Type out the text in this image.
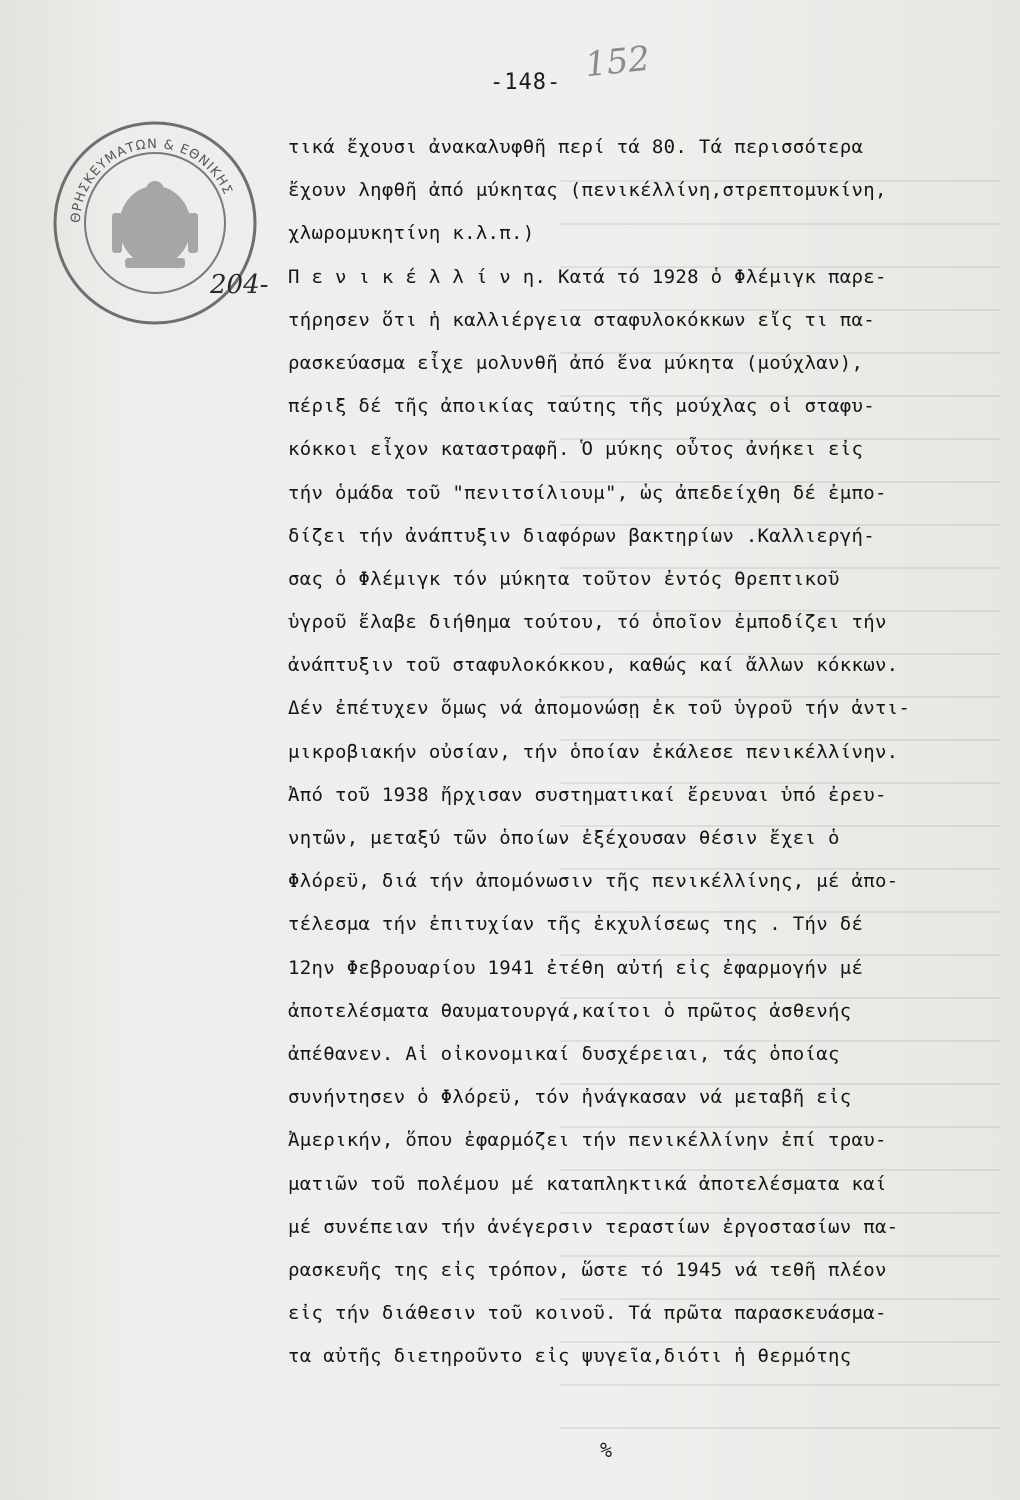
-148- 152
ΘΡΗΣΚΕΥΜΑΤΩΝ & ΕΘΝΙΚΗΣ
204-
τικά ἔχουσι ἀνακαλυφθῆ περί τά 80. Τά περισσότερα
ἔχουν ληφθῆ ἀπό μύκητας (πενικέλλίνη,στρεπτομυκίνη,
χλωρομυκητίνη κ.λ.π.)
Π ε ν ι κ έ λ λ ί ν η. Κατά τό 1928 ὁ Φλέμιγκ παρε-
τήρησεν ὅτι ἡ καλλιέργεια σταφυλοκόκκων εἴς τι πα-
ρασκεύασμα εἶχε μολυνθῆ ἀπό ἕνα μύκητα (μούχλαν),
πέριξ δέ τῆς ἀποικίας ταύτης τῆς μούχλας οἱ σταφυ-
κόκκοι εἶχον καταστραφῆ. Ὁ μύκης οὗτος ἀνήκει εἰς
τήν ὁμάδα τοῦ "πενιτσίλιουμ", ὡς ἀπεδείχθη δέ ἐμπο-
δίζει τήν ἀνάπτυξιν διαφόρων βακτηρίων .Καλλιεργή-
σας ὁ Φλέμιγκ τόν μύκητα τοῦτον ἐντός θρεπτικοῦ
ὑγροῦ ἔλαβε διήθημα τούτου, τό ὁποῖον ἐμποδίζει τήν
ἀνάπτυξιν τοῦ σταφυλοκόκκου, καθώς καί ἄλλων κόκκων.
Δέν ἐπέτυχεν ὅμως νά ἀπομονώσῃ ἐκ τοῦ ὑγροῦ τήν ἀντι-
μικροβιακήν οὐσίαν, τήν ὁποίαν ἐκάλεσε πενικέλλίνην.
Ἀπό τοῦ 1938 ἤρχισαν συστηματικαί ἔρευναι ὑπό ἐρευ-
νητῶν, μεταξύ τῶν ὁποίων ἐξέχουσαν θέσιν ἔχει ὁ
Φλόρεϋ, διά τήν ἀπομόνωσιν τῆς πενικέλλίνης, μέ ἀπο-
τέλεσμα τήν ἐπιτυχίαν τῆς ἐκχυλίσεως της . Τήν δέ
12ην Φεβρουαρίου 1941 ἐτέθη αὐτή εἰς ἐφαρμογήν μέ
ἀποτελέσματα θαυματουργά,καίτοι ὁ πρῶτος ἀσθενής
ἀπέθανεν. Αἱ οἰκονομικαί δυσχέρειαι, τάς ὁποίας
συνήντησεν ὁ Φλόρεϋ, τόν ἠνάγκασαν νά μεταβῆ εἰς
Ἀμερικήν, ὅπου ἐφαρμόζει τήν πενικέλλίνην ἐπί τραυ-
ματιῶν τοῦ πολέμου μέ καταπληκτικά ἀποτελέσματα καί
μέ συνέπειαν τήν ἀνέγερσιν τεραστίων ἐργοστασίων πα-
ρασκευῆς της εἰς τρόπον, ὥστε τό 1945 νά τεθῆ πλέον
εἰς τήν διάθεσιν τοῦ κοινοῦ. Τά πρῶτα παρασκευάσμα-
τα αὐτῆς διετηροῦντο εἰς ψυγεῖα,διότι ἡ θερμότης
%
